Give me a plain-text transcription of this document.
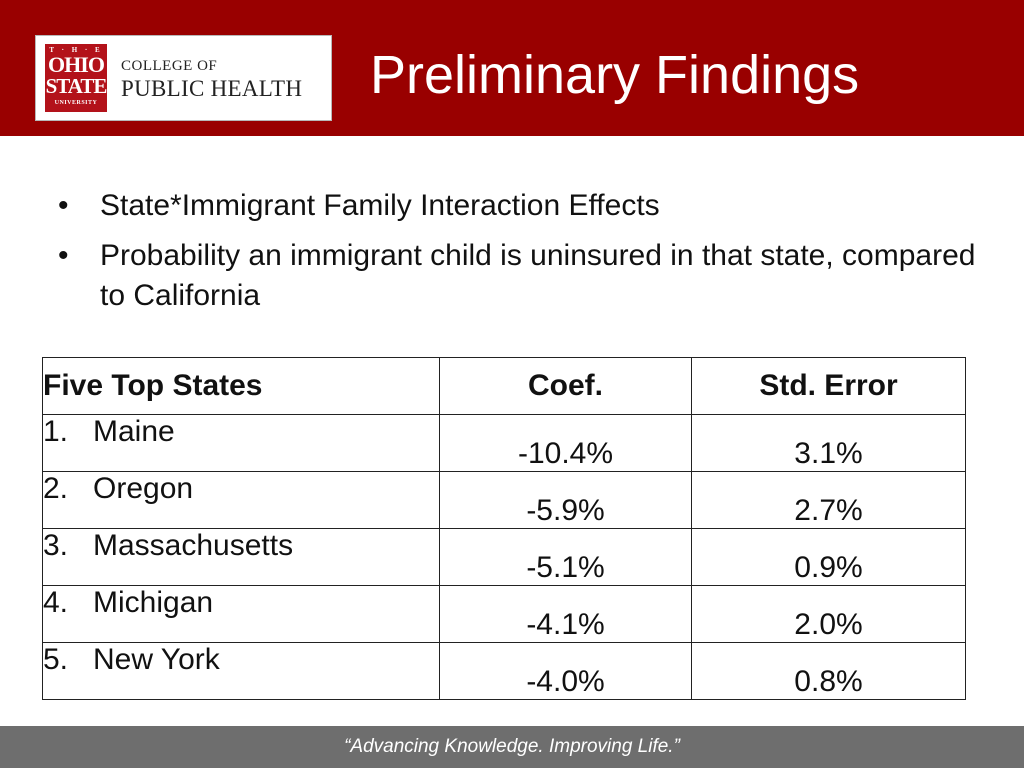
T · H · E
OHIO
STATE
UNIVERSITY
COLLEGE OF
PUBLIC HEALTH Preliminary Findings
•	State*Immigrant Family Interaction Effects
•	Probability an immigrant child is uninsured in that state, compared to California
Five Top States	Coef.	Std. Error
1. Maine	-10.4%	3.1%
2. Oregon	-5.9%	2.7%
3. Massachusetts	-5.1%	0.9%
4. Michigan	-4.1%	2.0%
5. New York	-4.0%	0.8%
“Advancing Knowledge. Improving Life.”
